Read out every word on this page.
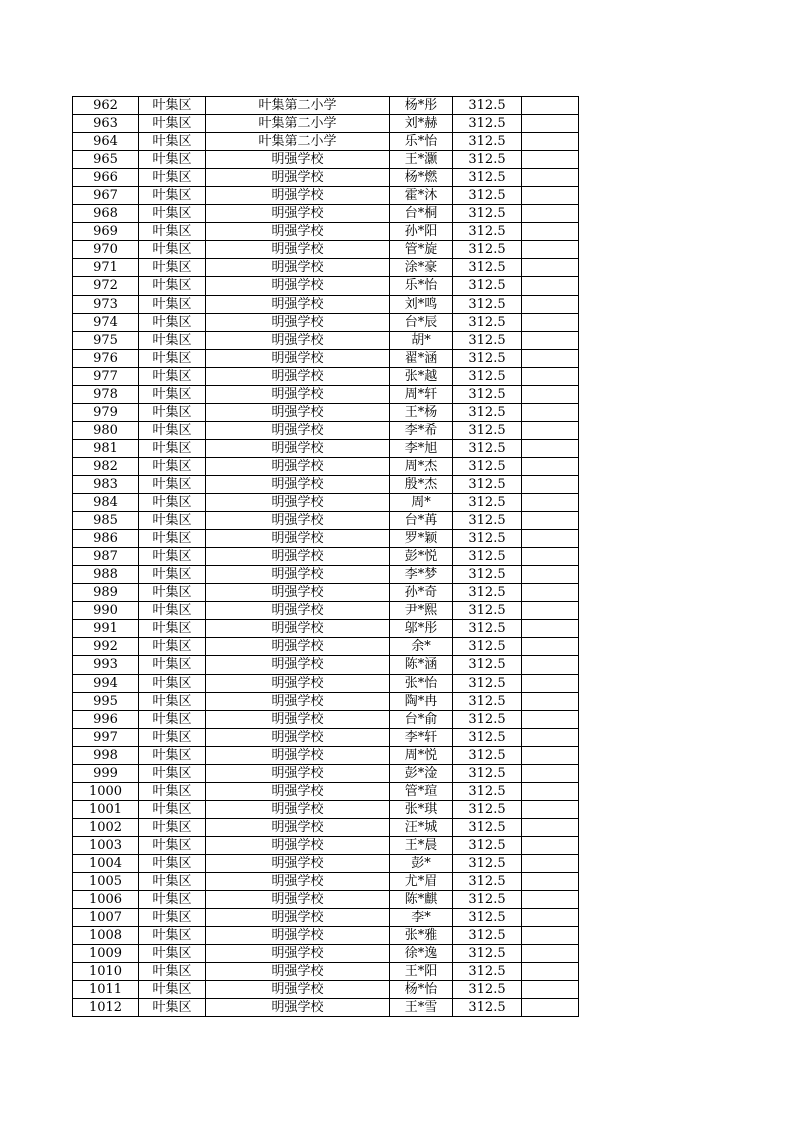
962	叶集区	叶集第二小学	杨*彤	312.5	
963	叶集区	叶集第二小学	刘*赫	312.5	
964	叶集区	叶集第二小学	乐*怡	312.5	
965	叶集区	明强学校	王*灏	312.5	
966	叶集区	明强学校	杨*燃	312.5	
967	叶集区	明强学校	霍*沐	312.5	
968	叶集区	明强学校	台*桐	312.5	
969	叶集区	明强学校	孙*阳	312.5	
970	叶集区	明强学校	管*旋	312.5	
971	叶集区	明强学校	涂*豪	312.5	
972	叶集区	明强学校	乐*怡	312.5	
973	叶集区	明强学校	刘*鸣	312.5	
974	叶集区	明强学校	台*辰	312.5	
975	叶集区	明强学校	胡*	312.5	
976	叶集区	明强学校	翟*涵	312.5	
977	叶集区	明强学校	张*越	312.5	
978	叶集区	明强学校	周*轩	312.5	
979	叶集区	明强学校	王*杨	312.5	
980	叶集区	明强学校	李*希	312.5	
981	叶集区	明强学校	李*旭	312.5	
982	叶集区	明强学校	周*杰	312.5	
983	叶集区	明强学校	殷*杰	312.5	
984	叶集区	明强学校	周*	312.5	
985	叶集区	明强学校	台*苒	312.5	
986	叶集区	明强学校	罗*颖	312.5	
987	叶集区	明强学校	彭*悦	312.5	
988	叶集区	明强学校	李*梦	312.5	
989	叶集区	明强学校	孙*奇	312.5	
990	叶集区	明强学校	尹*熙	312.5	
991	叶集区	明强学校	邬*彤	312.5	
992	叶集区	明强学校	余*	312.5	
993	叶集区	明强学校	陈*涵	312.5	
994	叶集区	明强学校	张*怡	312.5	
995	叶集区	明强学校	陶*冉	312.5	
996	叶集区	明强学校	台*俞	312.5	
997	叶集区	明强学校	李*轩	312.5	
998	叶集区	明强学校	周*悦	312.5	
999	叶集区	明强学校	彭*淦	312.5	
1000	叶集区	明强学校	管*瑄	312.5	
1001	叶集区	明强学校	张*琪	312.5	
1002	叶集区	明强学校	汪*城	312.5	
1003	叶集区	明强学校	王*晨	312.5	
1004	叶集区	明强学校	彭*	312.5	
1005	叶集区	明强学校	尤*眉	312.5	
1006	叶集区	明强学校	陈*麒	312.5	
1007	叶集区	明强学校	李*	312.5	
1008	叶集区	明强学校	张*雅	312.5	
1009	叶集区	明强学校	徐*逸	312.5	
1010	叶集区	明强学校	王*阳	312.5	
1011	叶集区	明强学校	杨*怡	312.5	
1012	叶集区	明强学校	王*雪	312.5	
